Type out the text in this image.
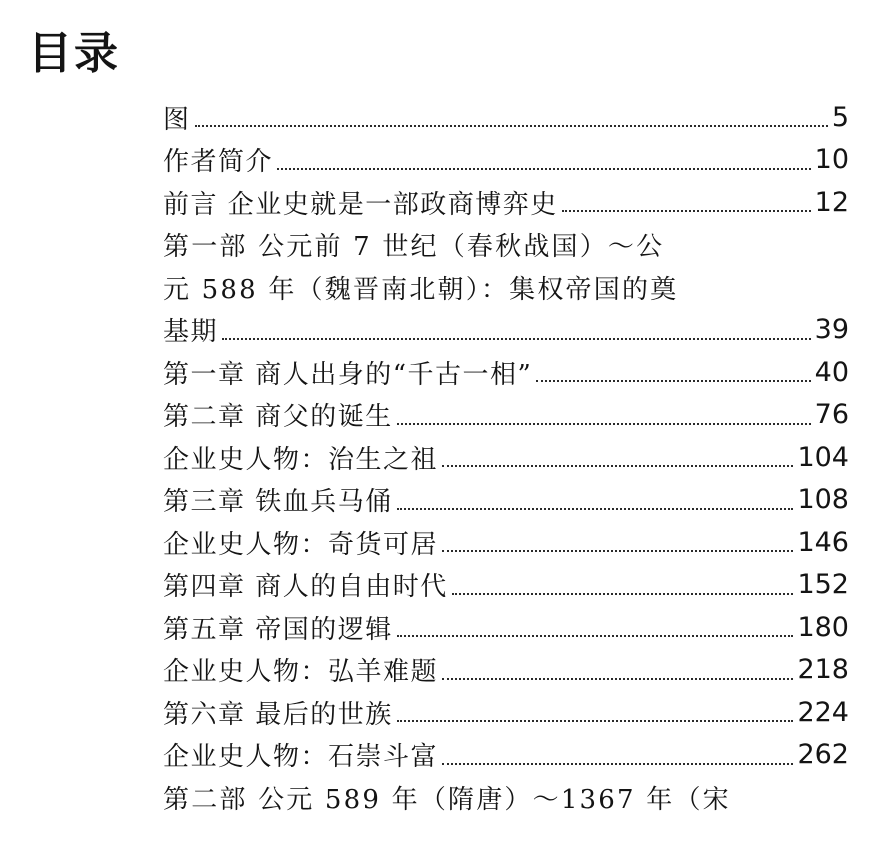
目录
图	5
作者简介	10
前言 企业史就是一部政商博弈史	12
第一部 公元前 7 世纪（春秋战国）～公
元 588 年（魏晋南北朝）：集权帝国的奠
基期	39
第一章 商人出身的“千古一相”	40
第二章 商父的诞生	76
企业史人物：治生之祖	104
第三章 铁血兵马俑	108
企业史人物：奇货可居	146
第四章 商人的自由时代	152
第五章 帝国的逻辑	180
企业史人物：弘羊难题	218
第六章 最后的世族	224
企业史人物：石崇斗富	262
第二部 公元 589 年（隋唐）～1367 年（宋
